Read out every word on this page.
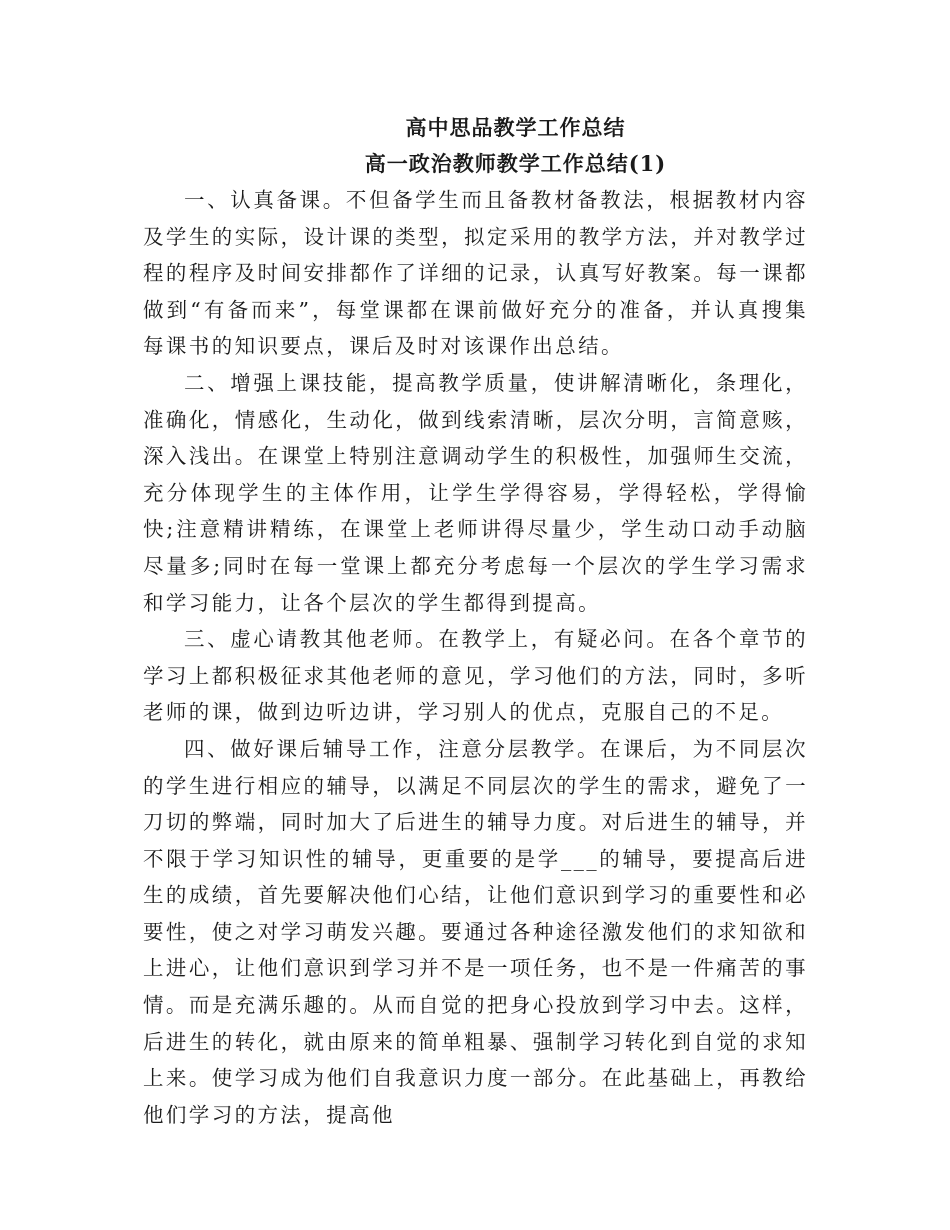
高中思品教学工作总结

高一政治教师教学工作总结(1)

一、认真备课。不但备学生而且备教材备教法，根据教材内容及学生的实际，设计课的类型，拟定采用的教学方法，并对教学过程的程序及时间安排都作了详细的记录，认真写好教案。每一课都做到“有备而来”，每堂课都在课前做好充分的准备，并认真搜集每课书的知识要点，课后及时对该课作出总结。

二、增强上课技能，提高教学质量，使讲解清晰化，条理化，准确化，情感化，生动化，做到线索清晰，层次分明，言简意赅，深入浅出。在课堂上特别注意调动学生的积极性，加强师生交流，充分体现学生的主体作用，让学生学得容易，学得轻松，学得愉快;注意精讲精练，在课堂上老师讲得尽量少，学生动口动手动脑尽量多;同时在每一堂课上都充分考虑每一个层次的学生学习需求和学习能力，让各个层次的学生都得到提高。

三、虚心请教其他老师。在教学上，有疑必问。在各个章节的学习上都积极征求其他老师的意见，学习他们的方法，同时，多听老师的课，做到边听边讲，学习别人的优点，克服自己的不足。

四、做好课后辅导工作，注意分层教学。在课后，为不同层次的学生进行相应的辅导，以满足不同层次的学生的需求，避免了一刀切的弊端，同时加大了后进生的辅导力度。对后进生的辅导，并不限于学习知识性的辅导，更重要的是学___的辅导，要提高后进生的成绩，首先要解决他们心结，让他们意识到学习的重要性和必要性，使之对学习萌发兴趣。要通过各种途径激发他们的求知欲和上进心，让他们意识到学习并不是一项任务，也不是一件痛苦的事情。而是充满乐趣的。从而自觉的把身心投放到学习中去。这样，后进生的转化，就由原来的简单粗暴、强制学习转化到自觉的求知上来。使学习成为他们自我意识力度一部分。在此基础上，再教给他们学习的方法，提高他
